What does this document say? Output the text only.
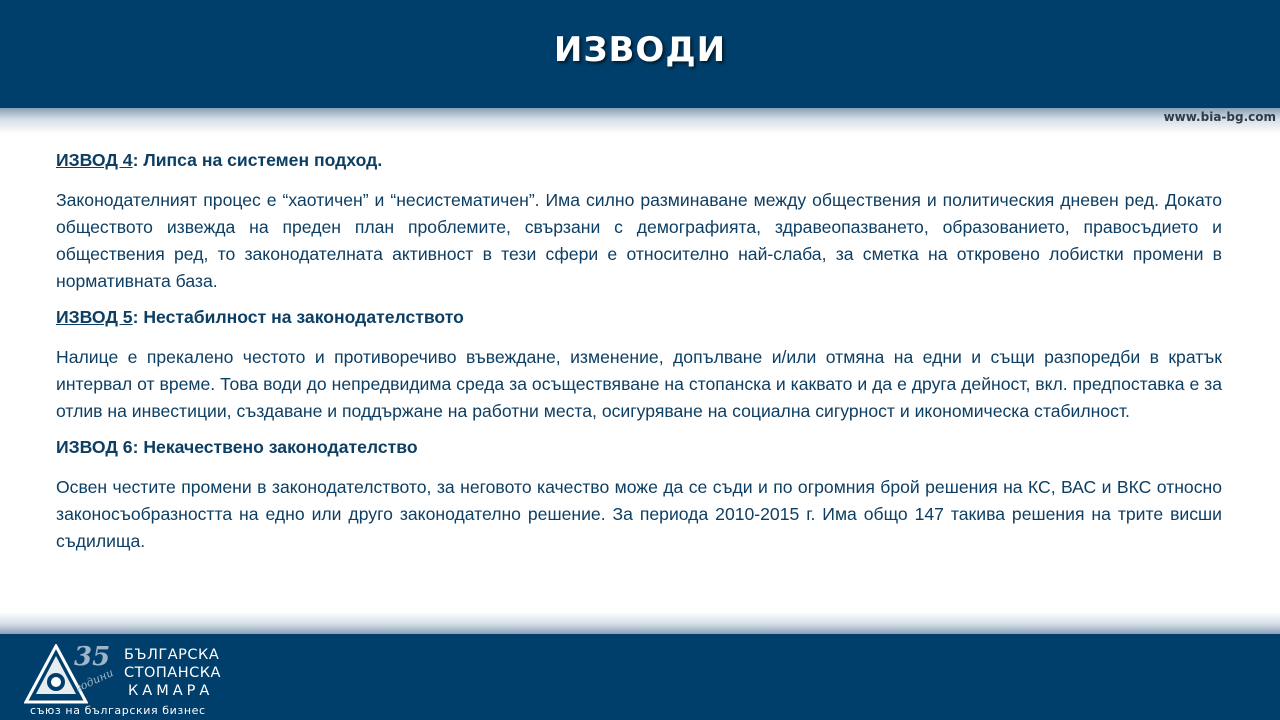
ИЗВОДИ
www.bia-bg.com
ИЗВОД 4: Липса на системен подход.
Законодателният процес е “хаотичен” и “несистематичен”. Има силно разминаване между обществения и политическия дневен ред. Докато обществото извежда на преден план проблемите, свързани с демографията, здравеопазването, образованието, правосъдието и обществения ред, то законодателната активност в тези сфери е относително най-слаба, за сметка на откровено лобистки промени в нормативната база.
ИЗВОД 5: Нестабилност на законодателството
Налице е прекалено честото и противоречиво въвеждане, изменение, допълване и/или отмяна на едни и същи разпоредби в кратък интервал от време. Това води до непредвидима среда за осъществяване на стопанска и каквато и да е друга дейност, вкл. предпоставка е за отлив на инвестиции, създаване и поддържане на работни места, осигуряване на социална сигурност и икономическа стабилност.
ИЗВОД 6: Некачествено законодателство
Освен честите промени в законодателството, за неговото качество може да се съди и по огромния брой решения на КС, ВАС и ВКС относно законосъобразността на едно или друго законодателно решение. За периода 2010-2015 г. Има общо 147 такива решения на трите висши съдилища.
35
години
БЪЛГАРСКА
СТОПАНСКА
КАМАРА
съюз на българския бизнес
